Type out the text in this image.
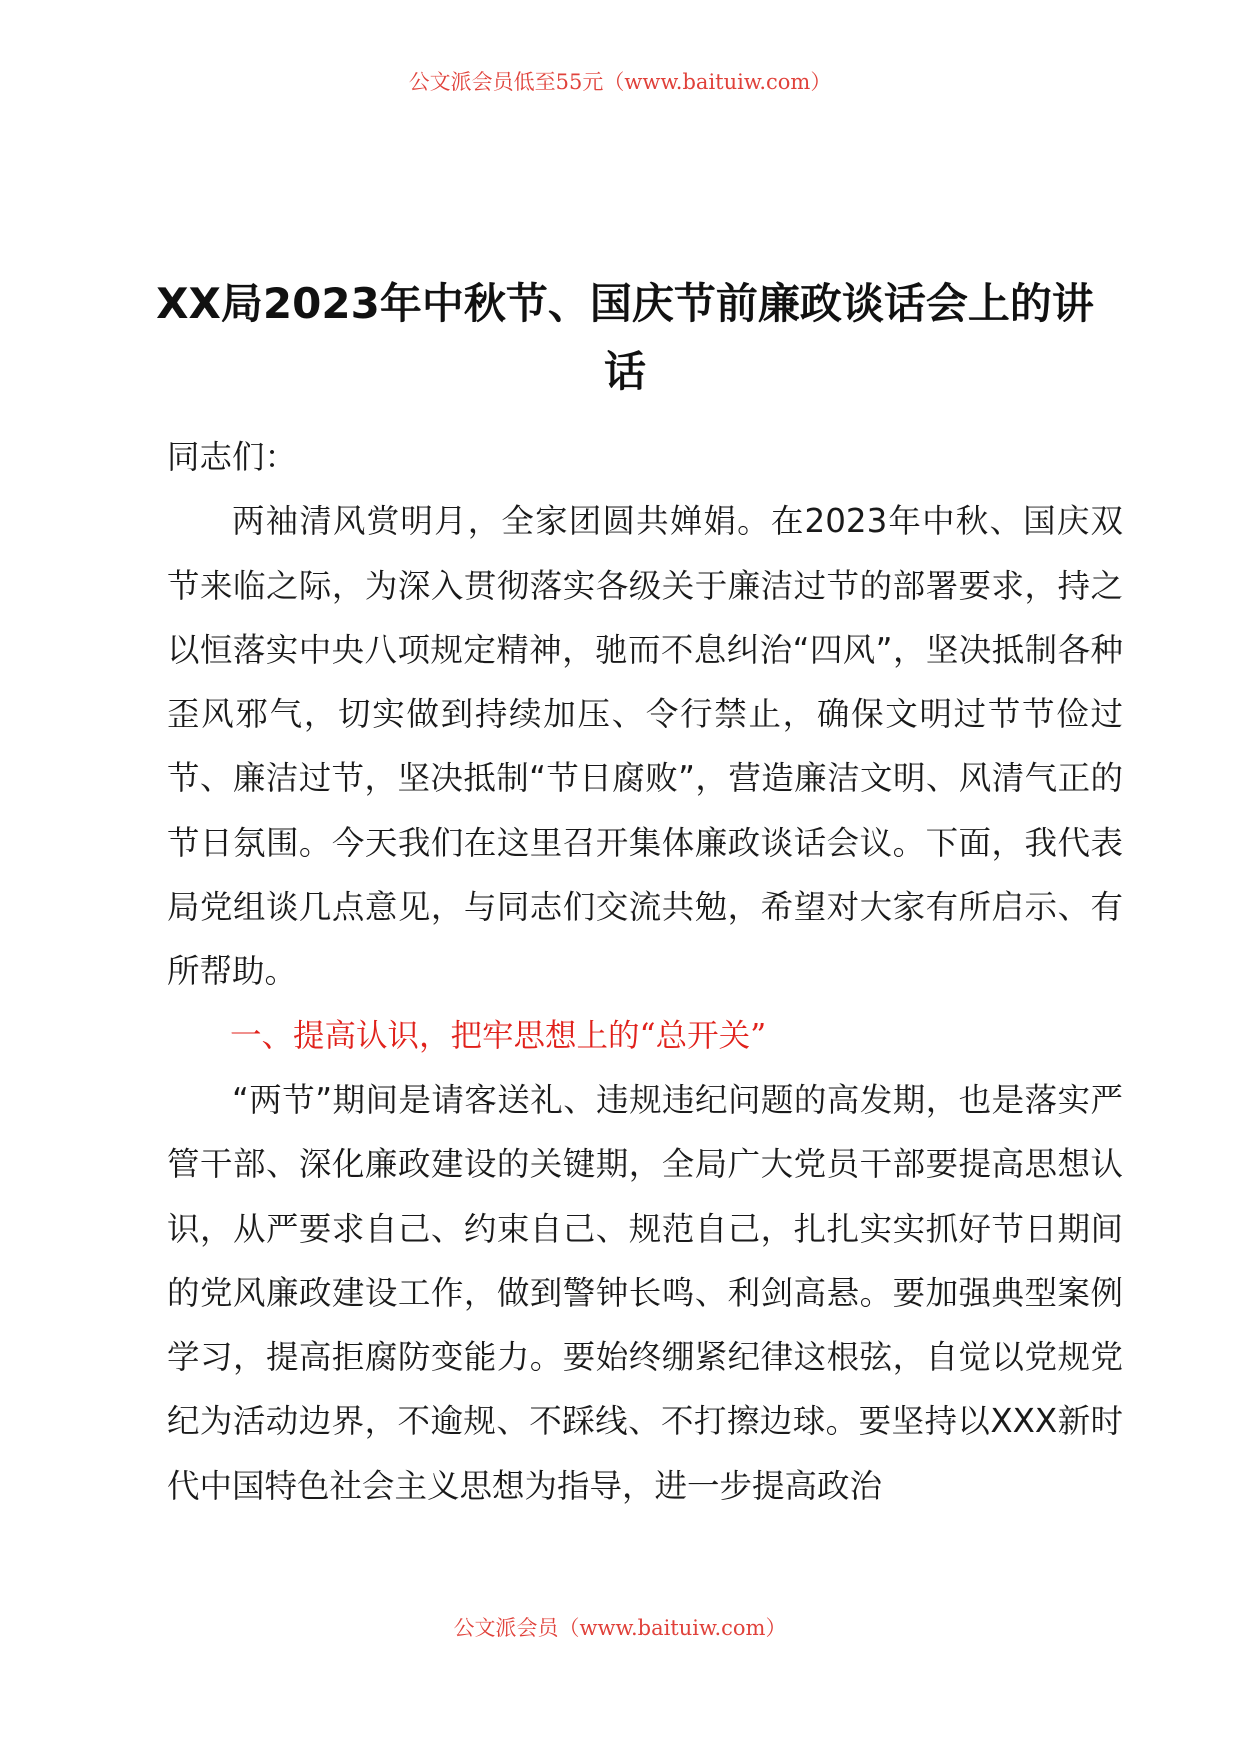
公文派会员低至55元（www.baituiw.com）
XX局2023年中秋节、国庆节前廉政谈话会上的讲话

同志们：

两袖清风赏明月，全家团圆共婵娟。在2023年中秋、国庆双节来临之际，为深入贯彻落实各级关于廉洁过节的部署要求，持之以恒落实中央八项规定精神，驰而不息纠治“四风”，坚决抵制各种歪风邪气，切实做到持续加压、令行禁止，确保文明过节节俭过节、廉洁过节，坚决抵制“节日腐败”，营造廉洁文明、风清气正的节日氛围。今天我们在这里召开集体廉政谈话会议。下面，我代表局党组谈几点意见，与同志们交流共勉，希望对大家有所启示、有所帮助。

一、提高认识，把牢思想上的“总开关”

“两节”期间是请客送礼、违规违纪问题的高发期，也是落实严管干部、深化廉政建设的关键期，全局广大党员干部要提高思想认识，从严要求自己、约束自己、规范自己，扎扎实实抓好节日期间的党风廉政建设工作，做到警钟长鸣、利剑高悬。要加强典型案例学习，提高拒腐防变能力。要始终绷紧纪律这根弦，自觉以党规党纪为活动边界，不逾规、不踩线、不打擦边球。要坚持以XXX新时代中国特色社会主义思想为指导，进一步提高政治

公文派会员（www.baituiw.com）
